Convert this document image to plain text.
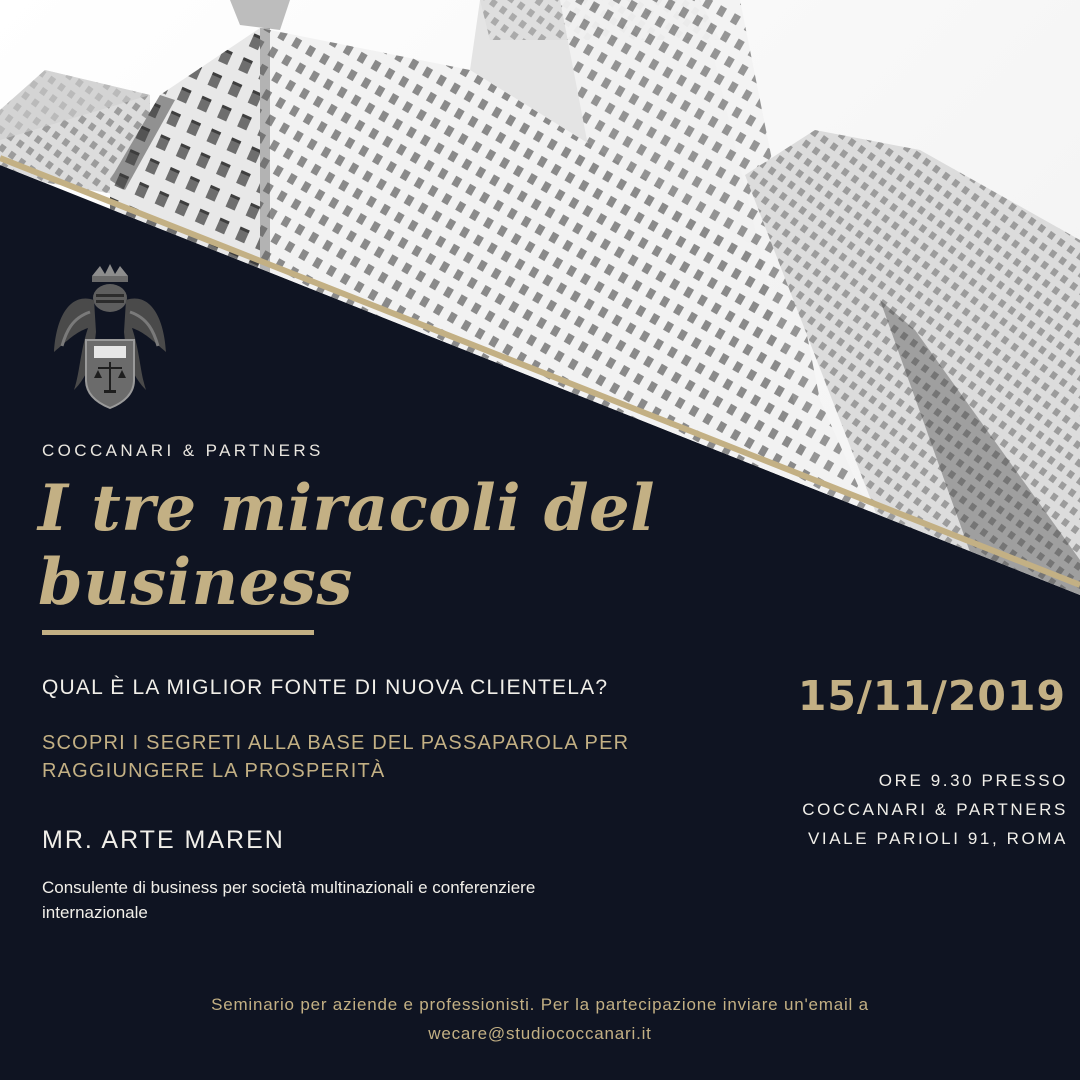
COCCANARI & PARTNERS

I tre miracoli del
business

QUAL È LA MIGLIOR FONTE DI NUOVA CLIENTELA?

SCOPRI I SEGRETI ALLA BASE DEL PASSAPAROLA PER RAGGIUNGERE LA PROSPERITÀ

MR. ARTE MAREN

Consulente di business per società multinazionali e conferenziere internazionale

15/11/2019

ORE 9.30 PRESSO
COCCANARI & PARTNERS
VIALE PARIOLI 91, ROMA
Seminario per aziende e professionisti. Per la partecipazione inviare un'email a
wecare@studiococcanari.it
